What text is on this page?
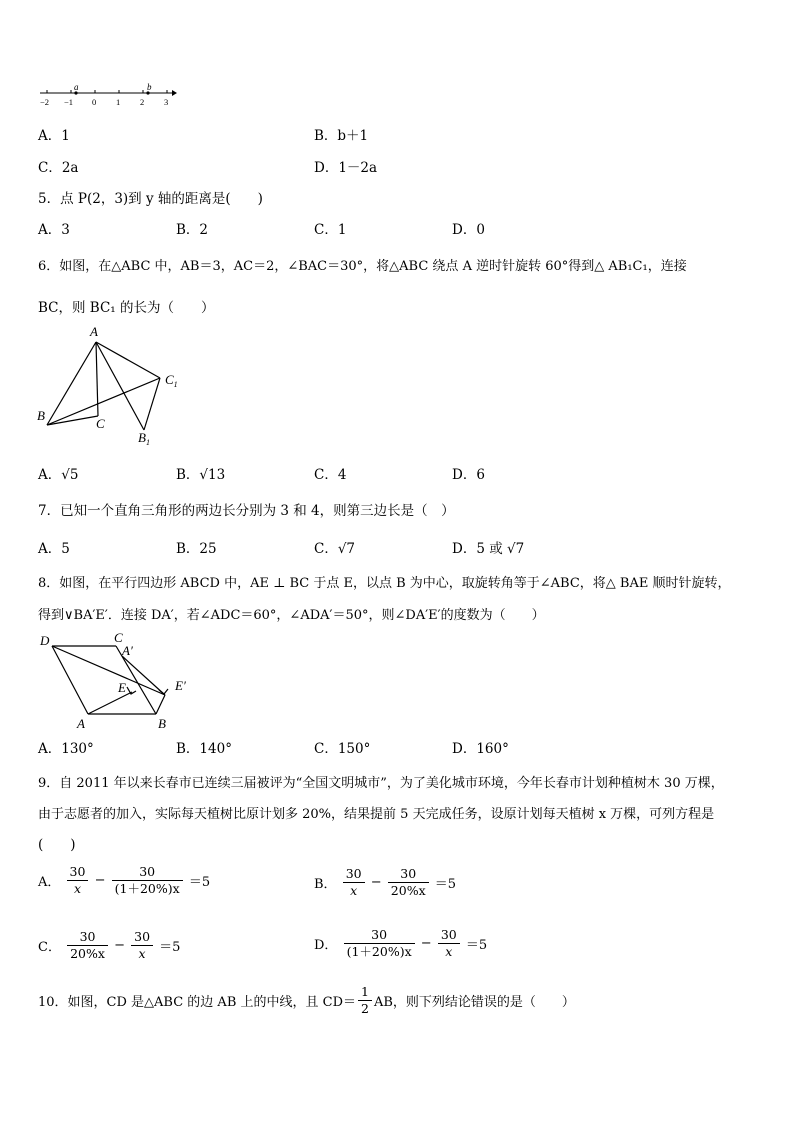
a	b
−2 −1 0 1 2 3
A．1	B．b＋1
C．2a	D．1－2a
5．点 P(2，3)到 y 轴的距离是(　　)
A．3	B．2	C．1	D．0
6．如图，在△ABC 中，AB＝3，AC＝2，∠BAC＝30°，将△ABC 绕点 A 逆时针旋转 60°得到△ AB₁C₁，连接
BC，则 BC₁ 的长为（　　）
A
B
C
$C_1$
$B_1$
A．√5	B．√13	C．4	D．6
7．已知一个直角三角形的两边长分别为 3 和 4，则第三边长是（　）
A．5	B．25	C．√7	D．5 或 √7
8．如图，在平行四边形 ABCD 中，AE ⊥ BC 于点 E，以点 B 为中心，取旋转角等于∠ABC，将△ BAE 顺时针旋转，
得到∨BA′E′．连接 DA′，若∠ADC＝60°，∠ADA′＝50°，则∠DA′E′的度数为（　　）
D	C
A′
E	E′
A	B
A．130°	B．140°	C．150°	D．160°
9．自 2011 年以来长春市已连续三届被评为“全国文明城市”，为了美化城市环境，今年长春市计划种植树木 30 万棵，
由于志愿者的加入，实际每天植树比原计划多 20%，结果提前 5 天完成任务，设原计划每天植树 x 万棵，可列方程是
(　　)
A． $\frac{30}{x} - \frac{30}{(1+20\%)x} =5$	B． $\frac{30}{x} - \frac{30}{20\%x} =5$
C． $\frac{30}{20\%x} - \frac{30}{x} =5$	D． $\frac{30}{(1+20\%)x} - \frac{30}{x} =5$
10．如图，CD 是△ABC 的边 AB 上的中线，且 $CD= \frac{1}{2}$ AB，则下列结论错误的是（　　）
